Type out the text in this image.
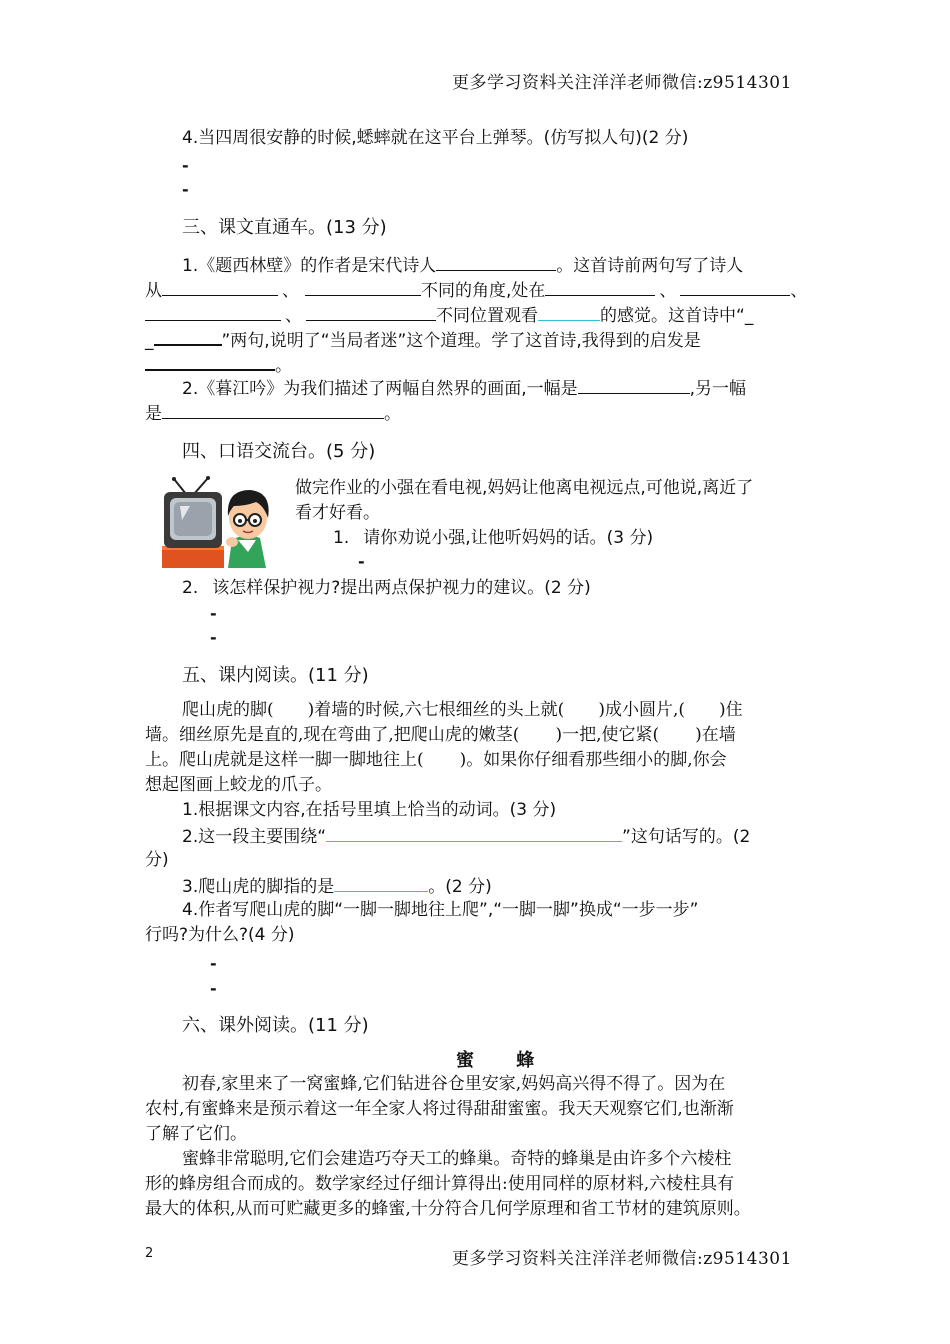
更多学习资料关注洋洋老师微信:z9514301
4.当四周很安静的时候,蟋蟀就在这平台上弹琴。(仿写拟人句)(2 分)
-
-
三、课文直通车。(13 分)
1.《题西林壁》的作者是宋代诗人	。这首诗前两句写了诗人
从	、	不同的角度,处在	、	、
、	不同位置观看	的感觉。这首诗中“_
_	”两句,说明了“当局者迷”这个道理。学了这首诗,我得到的启发是
。
2.《暮江吟》为我们描述了两幅自然界的画面,一幅是	,另一幅
是	。
四、口语交流台。(5 分)
做完作业的小强在看电视,妈妈让他离电视远点,可他说,离近了
看才好看。
1. 请你劝说小强,让他听妈妈的话。(3 分)
-
2. 该怎样保护视力?提出两点保护视力的建议。(2 分)
-
-
五、课内阅读。(11 分)
爬山虎的脚( )着墙的时候,六七根细丝的头上就( )成小圆片,( )住
墙。细丝原先是直的,现在弯曲了,把爬山虎的嫩茎( )一把,使它紧( )在墙
上。爬山虎就是这样一脚一脚地往上( )。如果你仔细看那些细小的脚,你会
想起图画上蛟龙的爪子。
1.根据课文内容,在括号里填上恰当的动词。(3 分)
2.这一段主要围绕“	”这句话写的。(2
分)
3.爬山虎的脚指的是	。(2 分)
4.作者写爬山虎的脚“一脚一脚地往上爬”,“一脚一脚”换成“一步一步”
行吗?为什么?(4 分)
-
-
六、课外阅读。(11 分)
蜜 蜂
初春,家里来了一窝蜜蜂,它们钻进谷仓里安家,妈妈高兴得不得了。因为在
农村,有蜜蜂来是预示着这一年全家人将过得甜甜蜜蜜。我天天观察它们,也渐渐
了解了它们。
蜜蜂非常聪明,它们会建造巧夺天工的蜂巢。奇特的蜂巢是由许多个六棱柱
形的蜂房组合而成的。数学家经过仔细计算得出:使用同样的原材料,六棱柱具有
最大的体积,从而可贮藏更多的蜂蜜,十分符合几何学原理和省工节材的建筑原则。
2	更多学习资料关注洋洋老师微信:z9514301
